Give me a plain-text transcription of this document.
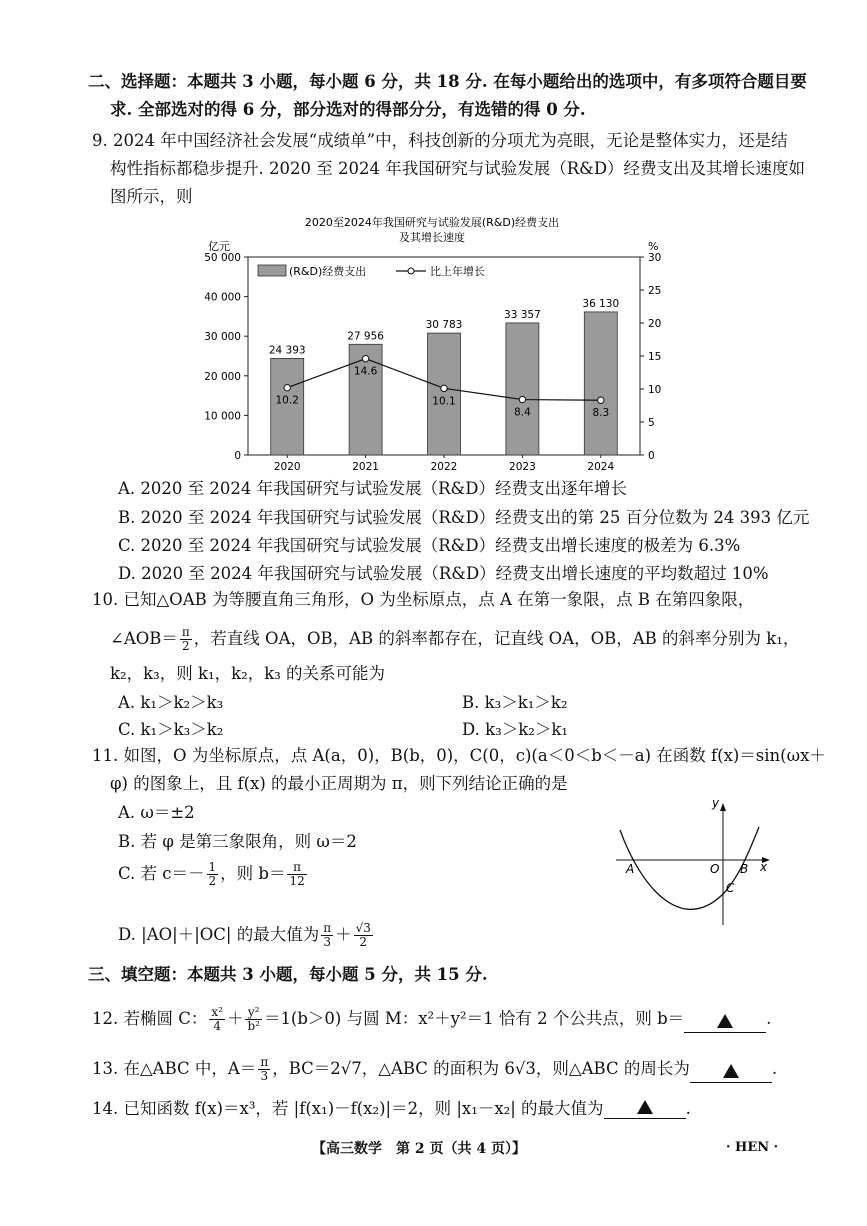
二、选择题：本题共 3 小题，每小题 6 分，共 18 分. 在每小题给出的选项中，有多项符合题目要
求. 全部选对的得 6 分，部分选对的得部分分，有选错的得 0 分.
9. 2024 年中国经济社会发展“成绩单”中，科技创新的分项尤为亮眼，无论是整体实力，还是结
构性指标都稳步提升. 2020 至 2024 年我国研究与试验发展（R&D）经费支出及其增长速度如
图所示，则
2020至2024年我国研究与试验发展(R&D)经费支出
及其增长速度
亿元	%
0
10 000
20 000
30 000
40 000
50 000
0
5
10
15
20
25
30
2020	2021	2022	2023	2024
24 393
27 956
30 783
33 357
36 130
10.2
14.6
10.1
8.4	8.3
(R&D)经费支出	比上年增长
A. 2020 至 2024 年我国研究与试验发展（R&D）经费支出逐年增长
B. 2020 至 2024 年我国研究与试验发展（R&D）经费支出的第 25 百分位数为 24 393 亿元
C. 2020 至 2024 年我国研究与试验发展（R&D）经费支出增长速度的极差为 6.3%
D. 2020 至 2024 年我国研究与试验发展（R&D）经费支出增长速度的平均数超过 10%
10. 已知△OAB 为等腰直角三角形，O 为坐标原点，点 A 在第一象限，点 B 在第四象限，
∠AOB＝ $\frac{\pi}{2}$ ，若直线 OA，OB，AB 的斜率都存在，记直线 OA，OB，AB 的斜率分别为 k₁，
k₂，k₃，则 k₁，k₂，k₃ 的关系可能为
A. k₁＞k₂＞k₃	B. k₃＞k₁＞k₂
C. k₁＞k₃＞k₂	D. k₃＞k₂＞k₁
11. 如图，O 为坐标原点，点 A(a，0)，B(b，0)，C(0，c)(a＜0＜b＜－a) 在函数 f(x)＝sin(ωx＋
φ) 的图象上，且 f(x) 的最小正周期为 π，则下列结论正确的是
A. ω＝±2
B. 若 φ 是第三象限角，则 ω＝2
C. 若 $c=- \frac{1}{2}$ ，则 $b= \frac{\pi}{12}$
D. |AO|＋|OC| 的最大值为 $\frac{\pi}{3} + \frac{√3}{2}$
y
x
A	O B
C
三、填空题：本题共 3 小题，每小题 5 分，共 15 分.
12. 若椭圆 C： $\frac{\text{x²}}{4} + \frac{\text{y²}}{\text{b²}} =1(b>0)$ 与圆 M：x²＋y²＝1 恰有 2 个公共点，则 b＝	.
13. 在△ABC 中，$A= \frac{\pi}{3}$ ，BC＝2√7，△ABC 的面积为 6√3，则△ABC 的周长为	.
14. 已知函数 f(x)＝x³，若 |f(x₁)－f(x₂)|＝2，则 |x₁－x₂| 的最大值为	.
【高三数学　第 2 页（共 4 页）】	· HEN ·
